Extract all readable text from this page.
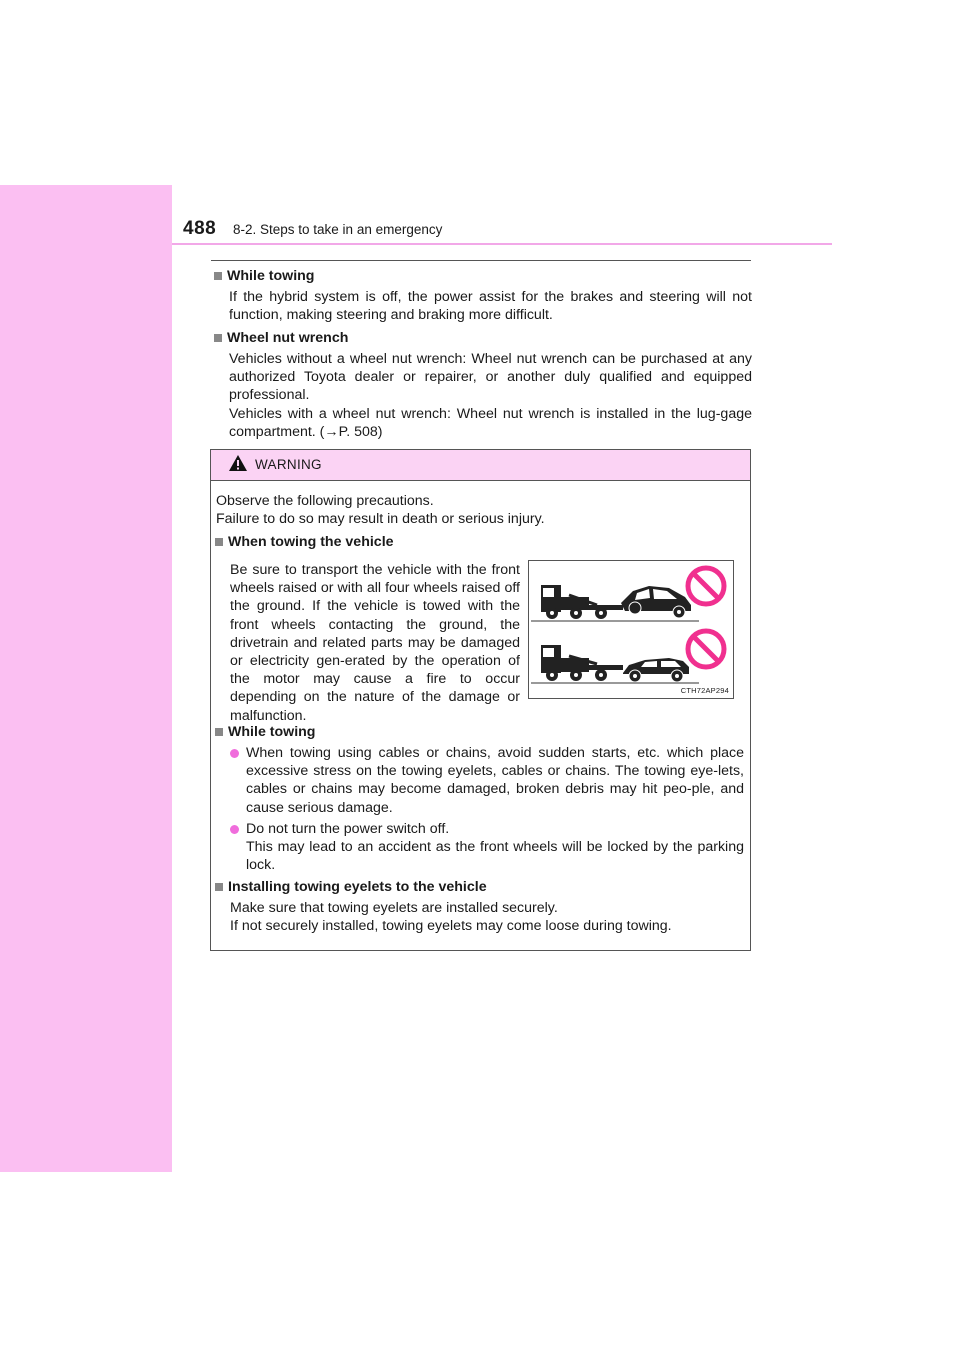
488 8-2. Steps to take in an emergency
While towing
If the hybrid system is off, the power assist for the brakes and steering will not function, making steering and braking more difficult.
Wheel nut wrench
Vehicles without a wheel nut wrench: Wheel nut wrench can be purchased at any authorized Toyota dealer or repairer, or another duly qualified and equipped professional.
Vehicles with a wheel nut wrench: Wheel nut wrench is installed in the lug-gage compartment. (→P. 508)
WARNING
Observe the following precautions.
Failure to do so may result in death or serious injury.
When towing the vehicle
Be sure to transport the vehicle with the front wheels raised or with all four wheels raised off the ground. If the vehicle is towed with the front wheels contacting the ground, the drivetrain and related parts may be damaged or electricity gen-erated by the operation of the motor may cause a fire to occur depending on the nature of the damage or malfunction.
While towing
When towing using cables or chains, avoid sudden starts, etc. which place excessive stress on the towing eyelets, cables or chains. The towing eye-lets, cables or chains may become damaged, broken debris may hit peo-ple, and cause serious damage.
Do not turn the power switch off.
This may lead to an accident as the front wheels will be locked by the parking lock.
Installing towing eyelets to the vehicle
Make sure that towing eyelets are installed securely.
If not securely installed, towing eyelets may come loose during towing.
CTH72AP294
